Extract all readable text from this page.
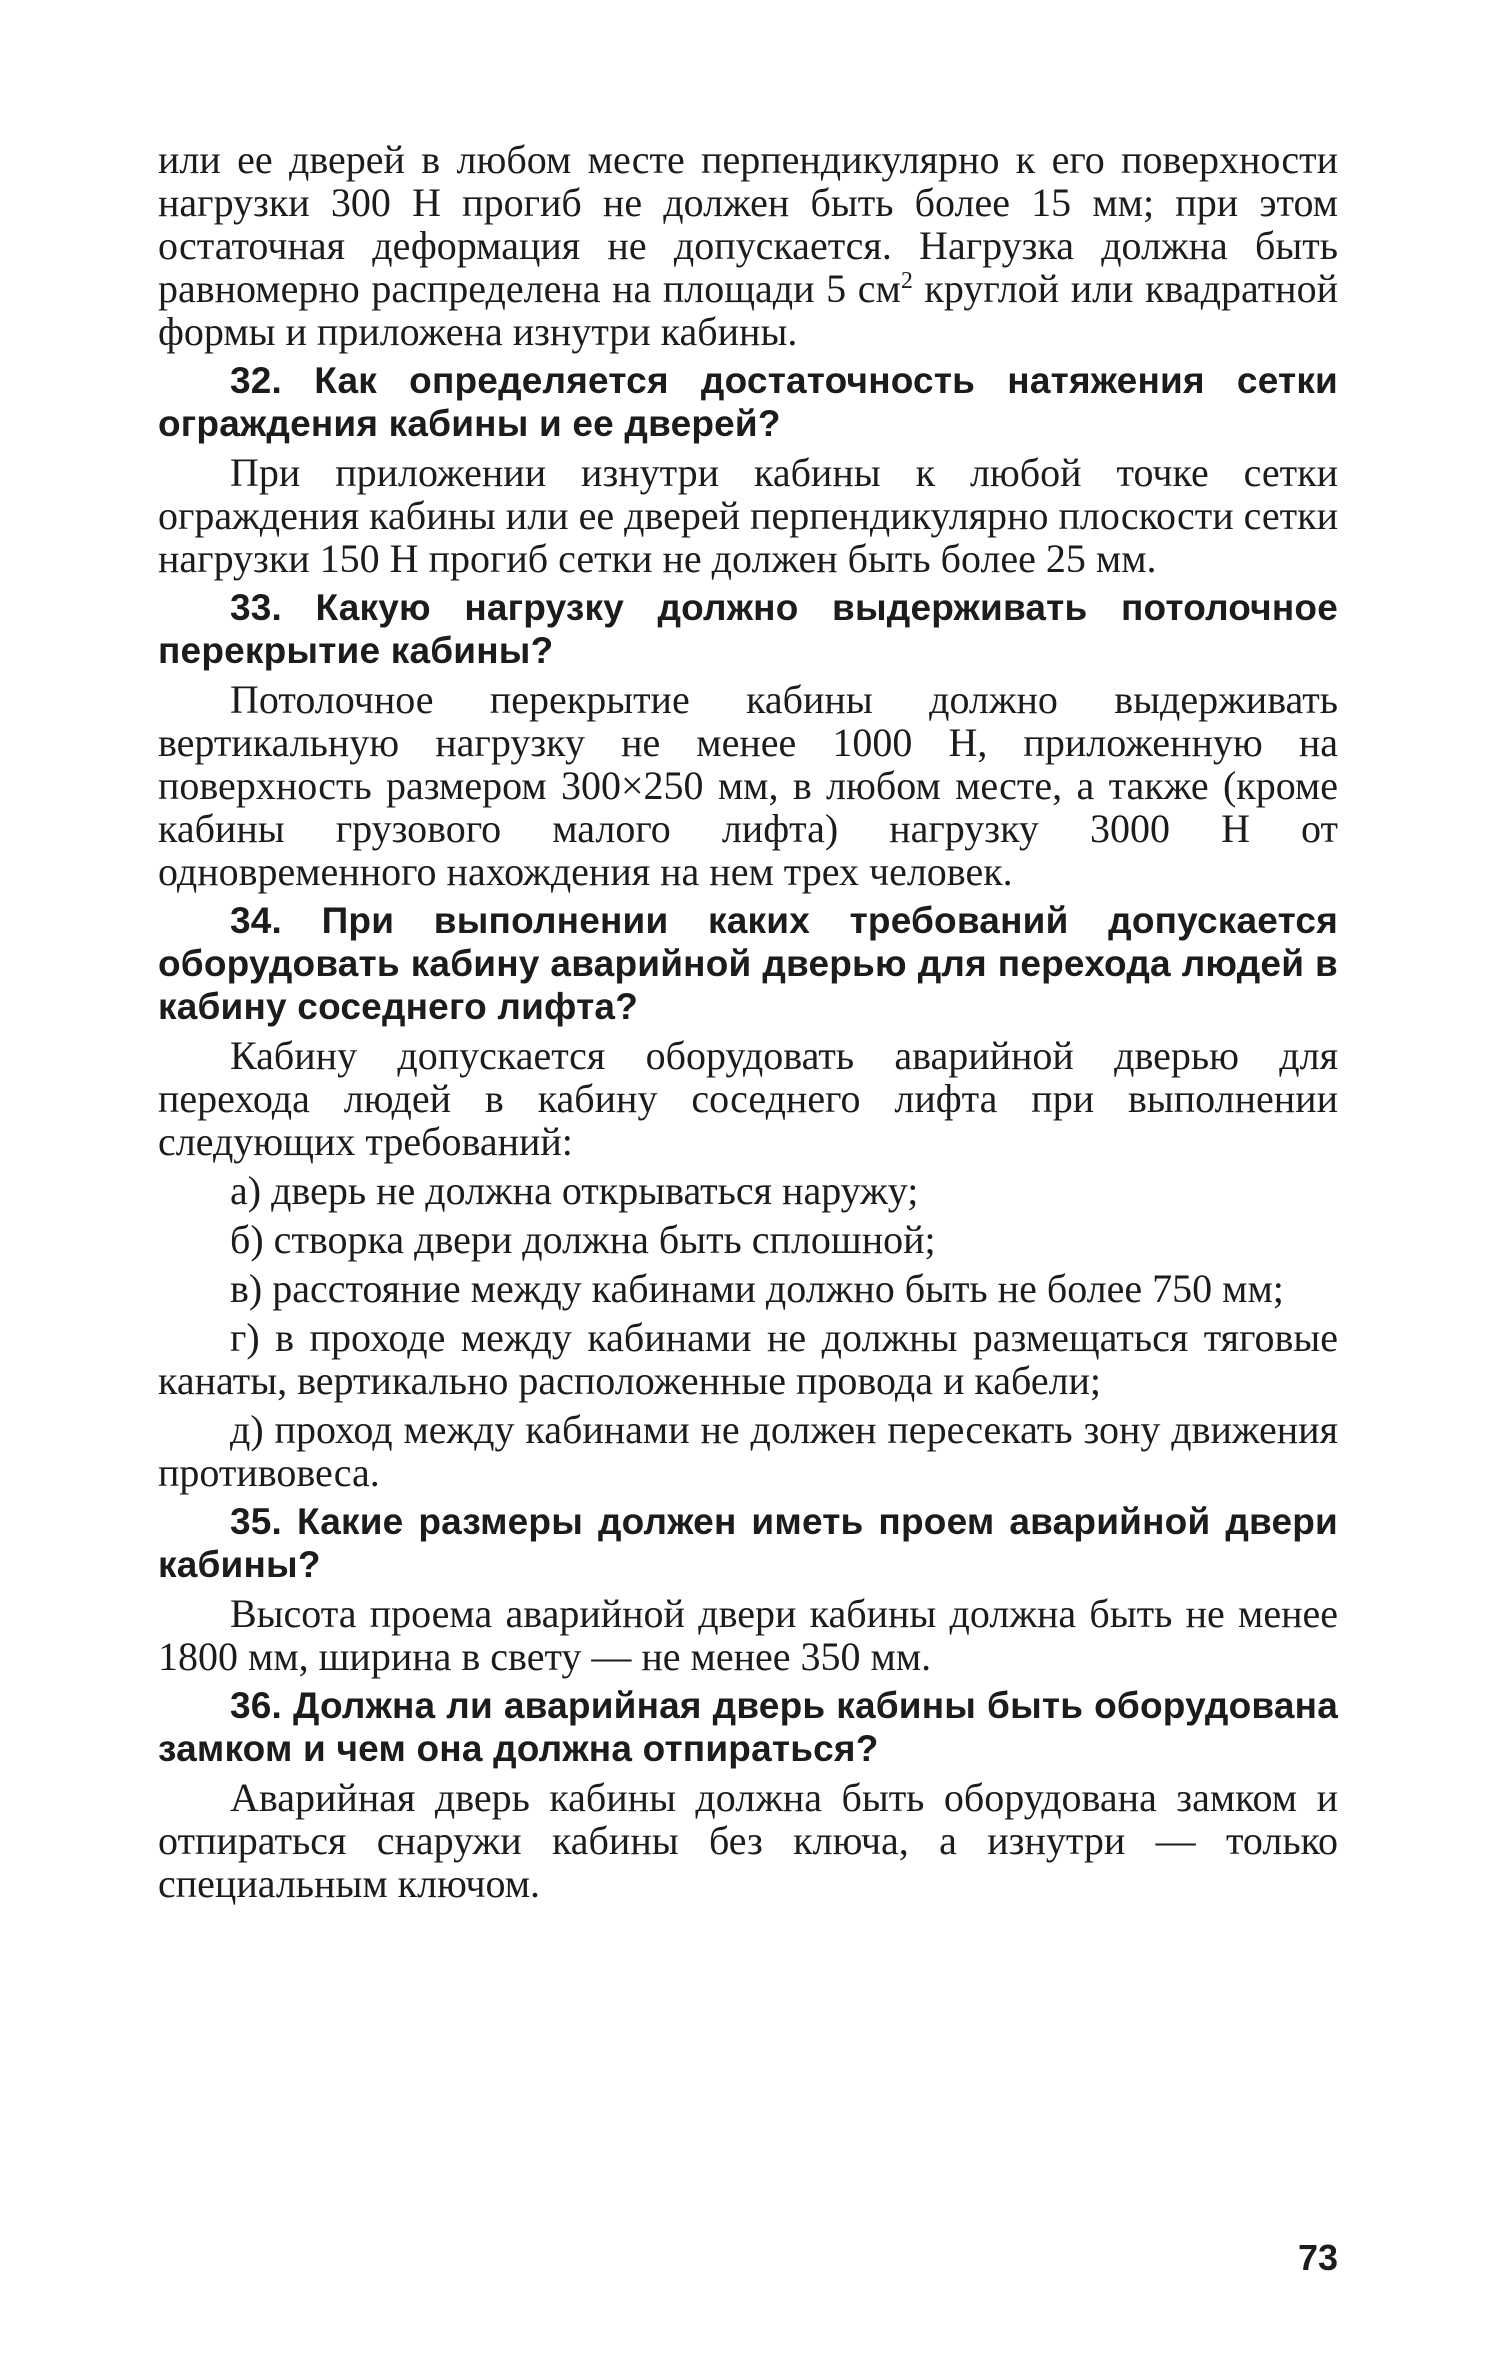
или ее дверей в любом месте перпендикулярно к его поверхности нагрузки 300 Н прогиб не должен быть более 15 мм; при этом остаточная деформация не допускается. Нагрузка должна быть равномерно распределена на площади 5 $см^2$ круглой или квадратной формы и приложена изнутри кабины.

32. Как определяется достаточность натяжения сетки ограждения кабины и ее дверей?

При приложении изнутри кабины к любой точке сетки ограждения кабины или ее дверей перпендикулярно плоскости сетки нагрузки 150 Н прогиб сетки не должен быть более 25 мм.

33. Какую нагрузку должно выдерживать потолочное перекрытие кабины?

Потолочное перекрытие кабины должно выдерживать вертикальную нагрузку не менее 1000 Н, приложенную на поверхность размером 300×250 мм, в любом месте, а также (кроме кабины грузового малого лифта) нагрузку 3000 Н от одновременного нахождения на нем трех человек.

34. При выполнении каких требований допускается оборудовать кабину аварийной дверью для перехода людей в кабину соседнего лифта?

Кабину допускается оборудовать аварийной дверью для перехода людей в кабину соседнего лифта при выполнении следующих требований:

а) дверь не должна открываться наружу;

б) створка двери должна быть сплошной;

в) расстояние между кабинами должно быть не более 750 мм;

г) в проходе между кабинами не должны размещаться тяговые канаты, вертикально расположенные провода и кабели;

д) проход между кабинами не должен пересекать зону движения противовеса.

35. Какие размеры должен иметь проем аварийной двери кабины?

Высота проема аварийной двери кабины должна быть не менее 1800 мм, ширина в свету — не менее 350 мм.

36. Должна ли аварийная дверь кабины быть оборудована замком и чем она должна отпираться?

Аварийная дверь кабины должна быть оборудована замком и отпираться снаружи кабины без ключа, а изнутри — только специальным ключом.

73
